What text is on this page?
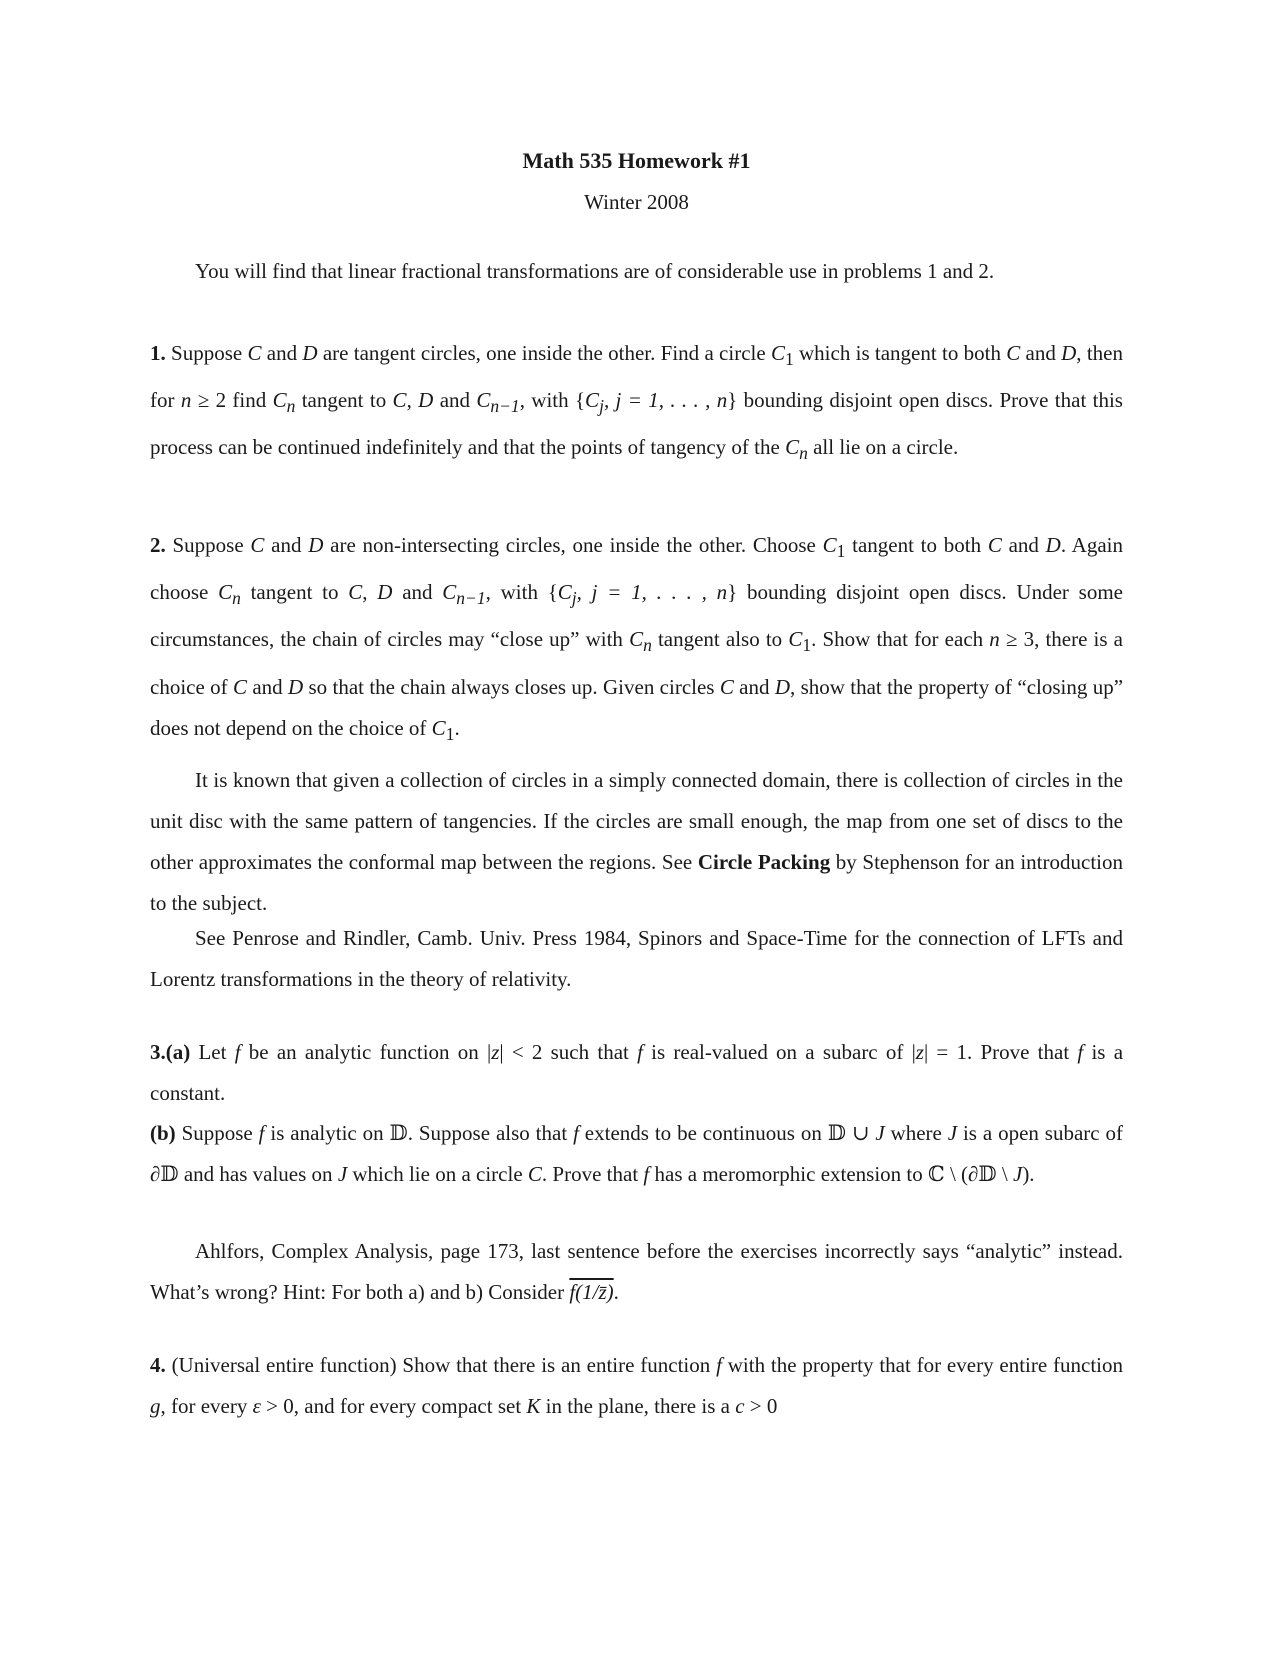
Math 535 Homework #1
Winter 2008
You will find that linear fractional transformations are of considerable use in problems 1 and 2.
1. Suppose C and D are tangent circles, one inside the other. Find a circle $C_1$ which is tangent to both C and D, then for n ≥ 2 find $C_n$ tangent to C, D and $C_{n-1}$, with {$C_j$, j = 1, . . . , n} bounding disjoint open discs. Prove that this process can be continued indefinitely and that the points of tangency of the $C_n$ all lie on a circle.
2. Suppose C and D are non-intersecting circles, one inside the other. Choose $C_1$ tangent to both C and D. Again choose $C_n$ tangent to C, D and $C_{n-1}$, with {$C_j$, j = 1, . . . , n} bounding disjoint open discs. Under some circumstances, the chain of circles may “close up” with $C_n$ tangent also to $C_1$. Show that for each n ≥ 3, there is a choice of C and D so that the chain always closes up. Given circles C and D, show that the property of “closing up” does not depend on the choice of $C_1$.
It is known that given a collection of circles in a simply connected domain, there is collection of circles in the unit disc with the same pattern of tangencies. If the circles are small enough, the map from one set of discs to the other approximates the conformal map between the regions. See Circle Packing by Stephenson for an introduction to the subject.
See Penrose and Rindler, Camb. Univ. Press 1984, Spinors and Space-Time for the connection of LFTs and Lorentz transformations in the theory of relativity.
3.(a) Let f be an analytic function on |z| < 2 such that f is real-valued on a subarc of |z| = 1. Prove that f is a constant.
(b) Suppose f is analytic on 𝔻. Suppose also that f extends to be continuous on 𝔻 ∪ J where J is a open subarc of ∂𝔻 and has values on J which lie on a circle C. Prove that f has a meromorphic extension to ℂ \ (∂𝔻 \ J).
Ahlfors, Complex Analysis, page 173, last sentence before the exercises incorrectly says “analytic” instead. What’s wrong? Hint: For both a) and b) Consider f(1/z̄).
4. (Universal entire function) Show that there is an entire function f with the property that for every entire function g, for every ε > 0, and for every compact set K in the plane, there is a c > 0
